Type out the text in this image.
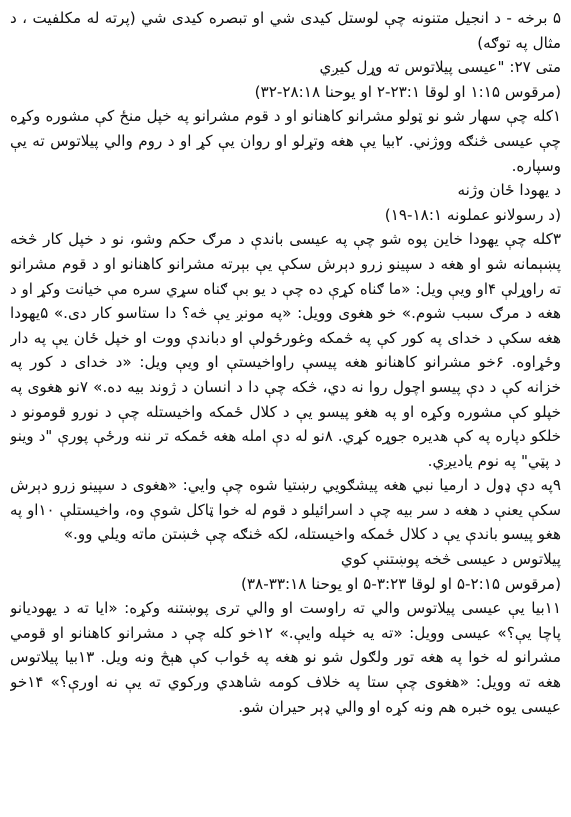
۵ برخه - د انجیل متنونه چې لوستل کیدی شي او تبصره کیدی شي (پرته له مکلفیت ، د
مثال په توګه)
متی ۲۷: "عیسی پیلاتوس ته وړل کیږي
(مرقوس ۱:۱۵ او لوقا ۲۳:۱-۲ او یوحنا ۲۸:۱۸-۳۲)
۱کله چې سهار شو نو ټولو مشرانو کاهنانو او د قوم مشرانو په خپل منځ کې مشوره وکړه
چې عیسی څنګه ووژني. ۲بیا یې هغه وتړلو او روان یې کړ او د روم والي پیلاتوس ته یې
وسپاره.
د یهودا ځان وژنه
(د رسولانو عملونه ۱۸:۱-۱۹)
۳کله چې یهودا خاین پوه شو چې په عیسی باندې د مرګ حکم وشو، نو د خپل کار څخه
پښېمانه شو او هغه د سپینو زرو دېرش سکې یې بېرته مشرانو کاهنانو او د قوم مشرانو
ته راوړلې ۴او ویې ویل: «ما ګناه کړې ده چې د یو بې ګناه سړي سره مې خیانت وکړ او د
هغه د مرګ سبب شوم.» خو هغوی وویل: «په مونږ یې څه؟ دا ستاسو کار دی.» ۵یهودا
هغه سکې د خدای په کور کې په څمکه وغورځولې او دباندې ووت او خپل ځان یې په دار
وځړاوه. ۶خو مشرانو کاهنانو هغه پیسې راواخیستې او ویې ویل: «د خدای د کور په
خزانه کې د دې پیسو اچول روا نه دي، څکه چې دا د انسان د ژوند بیه ده.» ۷نو هغوی په
خپلو کې مشوره وکړه او په هغو پیسو یې د کلال ځمکه واخیستله چې د نورو قومونو د
خلکو دپاره په کې هدیره جوړه کړي. ۸نو له دې امله هغه ځمکه تر ننه ورځې پورې "د وینو
د پټي" په نوم یادیږي.
۹په دې ډول د ارمیا نبي هغه پیشګویي رښتیا شوه چې وایي: «هغوی د سپینو زرو دېرش
سکې یعنې د هغه د سر بیه چې د اسرائیلو د قوم له خوا ټاکل شوې وه، واخیستلې ۱۰او په
هغو پیسو باندې یې د کلال ځمکه واخیستله، لکه څنګه چې څښتن ماته ویلي وو.»
پیلاتوس د عیسی څخه پوښتنې کوي
(مرقوس ۲:۱۵-۵ او لوقا ۳:۲۳-۵ او یوحنا ۳۳:۱۸-۳۸)
۱۱بیا یې عیسی پیلاتوس والي ته راوست او والي تری پوښتنه وکړه: «ایا ته د یهودیانو
پاچا یې؟» عیسی وویل: «ته یه خپله وایې.» ۱۲خو کله چې د مشرانو کاهنانو او قومي
مشرانو له خوا په هغه تور ولګول شو نو هغه په ځواب کې هېڅ ونه ویل. ۱۳بیا پیلاتوس
هغه ته وویل: «هغوی چې ستا په خلاف کومه شاهدي ورکوي ته یې نه اورې؟» ۱۴خو
عیسی یوه خبره هم ونه کړه او والي ډېر حیران شو.
